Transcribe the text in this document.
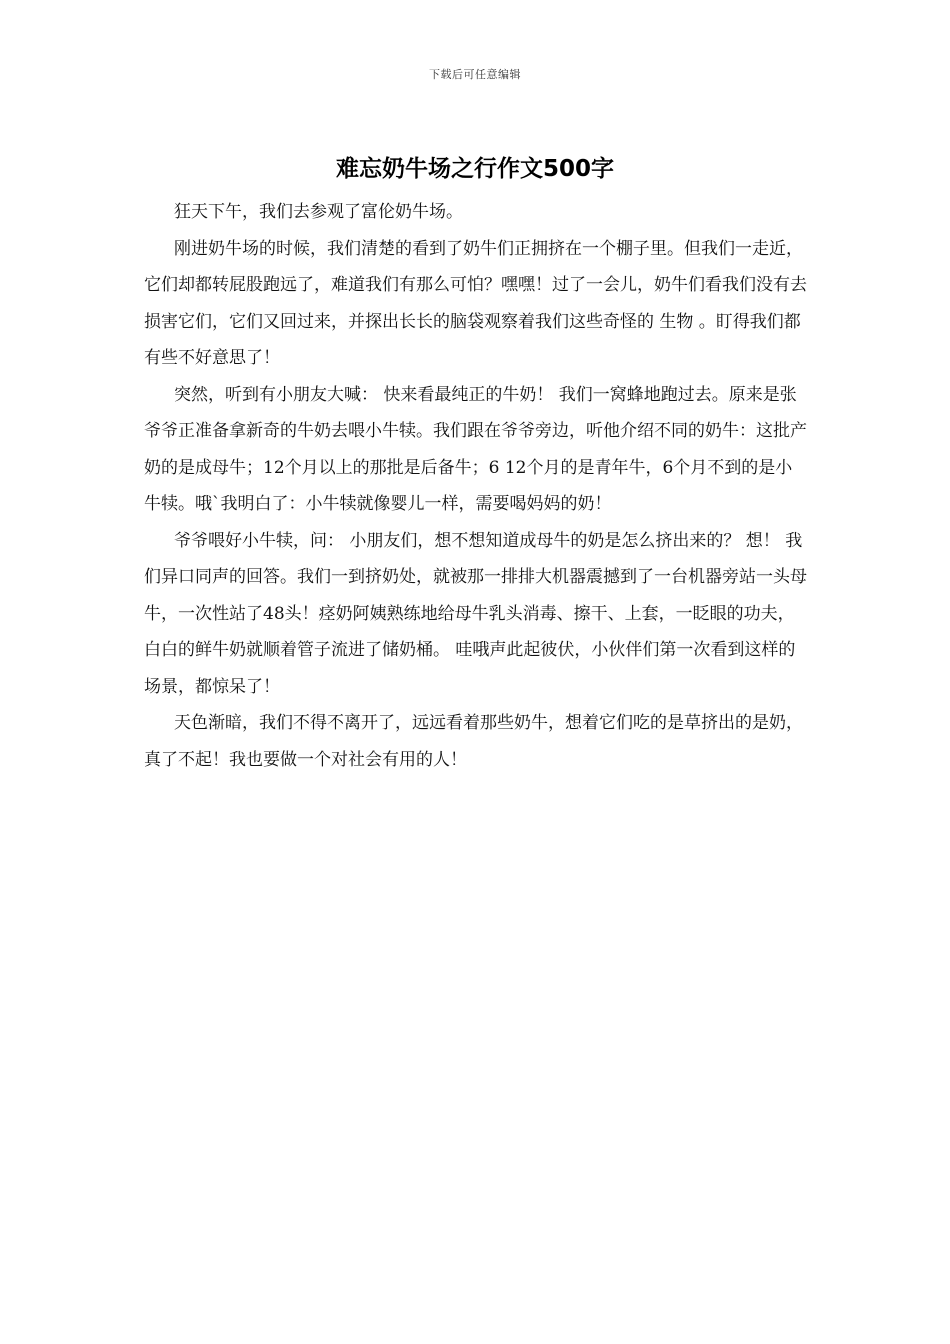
下载后可任意编辑
难忘奶牛场之行作文500字

狂天下午，我们去参观了富伦奶牛场。

刚进奶牛场的时候，我们清楚的看到了奶牛们正拥挤在一个棚子里。但我们一走近，它们却都转屁股跑远了，难道我们有那么可怕？嘿嘿！过了一会儿，奶牛们看我们没有去损害它们，它们又回过来，并探出长长的脑袋观察着我们这些奇怪的 生物 。盯得我们都有些不好意思了！

突然，听到有小朋友大喊： 快来看最纯正的牛奶！ 我们一窝蜂地跑过去。原来是张爷爷正准备拿新奇的牛奶去喂小牛犊。我们跟在爷爷旁边，听他介绍不同的奶牛：这批产奶的是成母牛；12个月以上的那批是后备牛；6 12个月的是青年牛，6个月不到的是小牛犊。哦`我明白了：小牛犊就像婴儿一样，需要喝妈妈的奶！

爷爷喂好小牛犊，问： 小朋友们，想不想知道成母牛的奶是怎么挤出来的？ 想！ 我们异口同声的回答。我们一到挤奶处，就被那一排排大机器震撼到了一台机器旁站一头母牛，一次性站了48头！痉奶阿姨熟练地给母牛乳头消毒、擦干、上套，一眨眼的功夫，白白的鲜牛奶就顺着管子流进了储奶桶。 哇哦声此起彼伏，小伙伴们第一次看到这样的场景，都惊呆了！

天色渐暗，我们不得不离开了，远远看着那些奶牛，想着它们吃的是草挤出的是奶，真了不起！我也要做一个对社会有用的人！
